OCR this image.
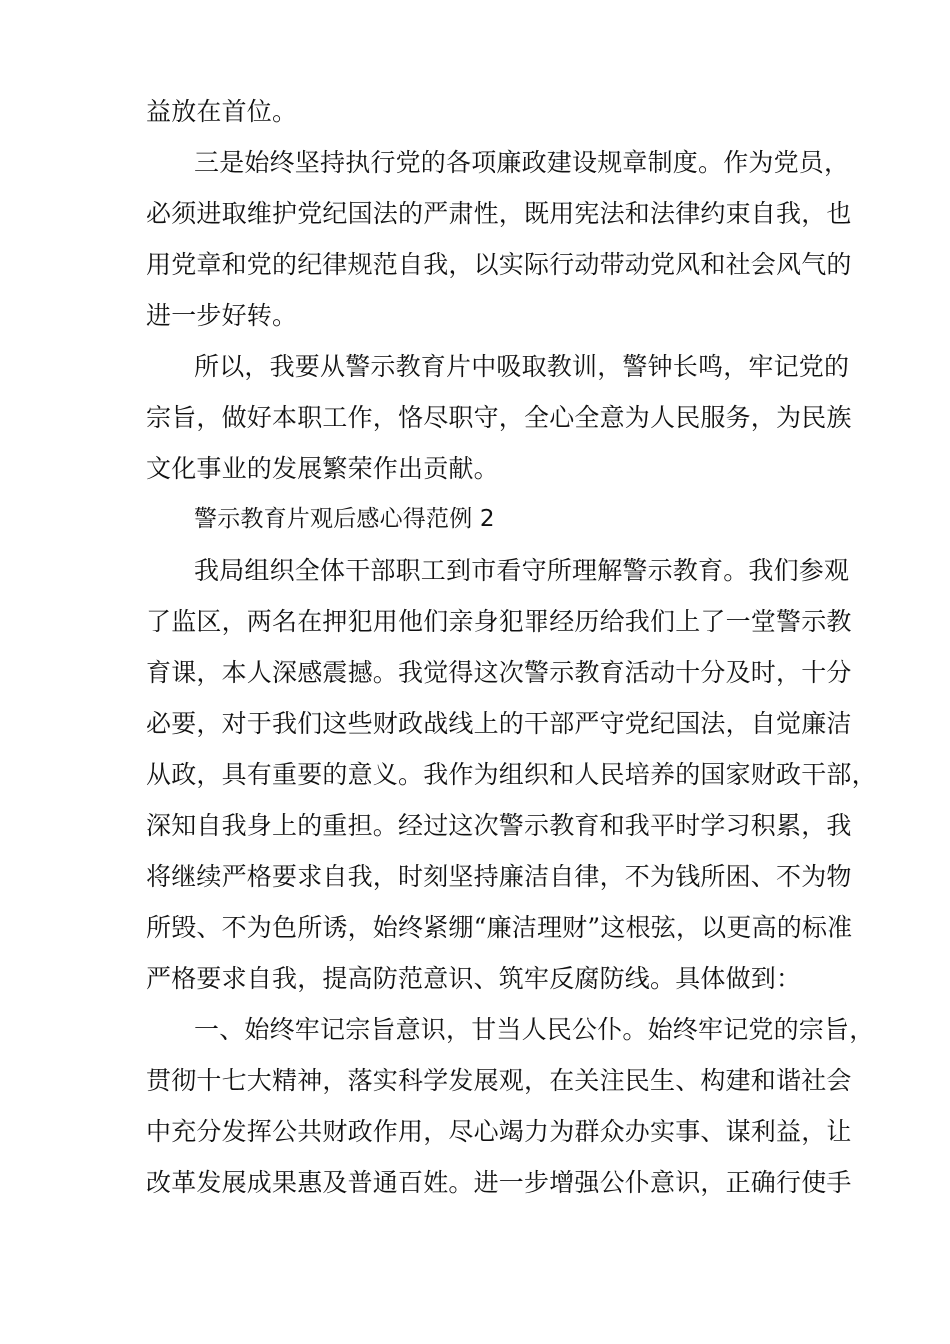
益放在首位。
三是始终坚持执行党的各项廉政建设规章制度。作为党员，
必须进取维护党纪国法的严肃性，既用宪法和法律约束自我，也
用党章和党的纪律规范自我，以实际行动带动党风和社会风气的
进一步好转。
所以，我要从警示教育片中吸取教训，警钟长鸣，牢记党的
宗旨，做好本职工作，恪尽职守，全心全意为人民服务，为民族
文化事业的发展繁荣作出贡献。
警示教育片观后感心得范例 2
我局组织全体干部职工到市看守所理解警示教育。我们参观
了监区，两名在押犯用他们亲身犯罪经历给我们上了一堂警示教
育课，本人深感震撼。我觉得这次警示教育活动十分及时，十分
必要，对于我们这些财政战线上的干部严守党纪国法，自觉廉洁
从政，具有重要的意义。我作为组织和人民培养的国家财政干部，
深知自我身上的重担。经过这次警示教育和我平时学习积累，我
将继续严格要求自我，时刻坚持廉洁自律，不为钱所困、不为物
所毁、不为色所诱，始终紧绷“廉洁理财”这根弦，以更高的标准
严格要求自我，提高防范意识、筑牢反腐防线。具体做到：
一、始终牢记宗旨意识，甘当人民公仆。始终牢记党的宗旨，
贯彻十七大精神，落实科学发展观，在关注民生、构建和谐社会
中充分发挥公共财政作用，尽心竭力为群众办实事、谋利益，让
改革发展成果惠及普通百姓。进一步增强公仆意识，正确行使手
